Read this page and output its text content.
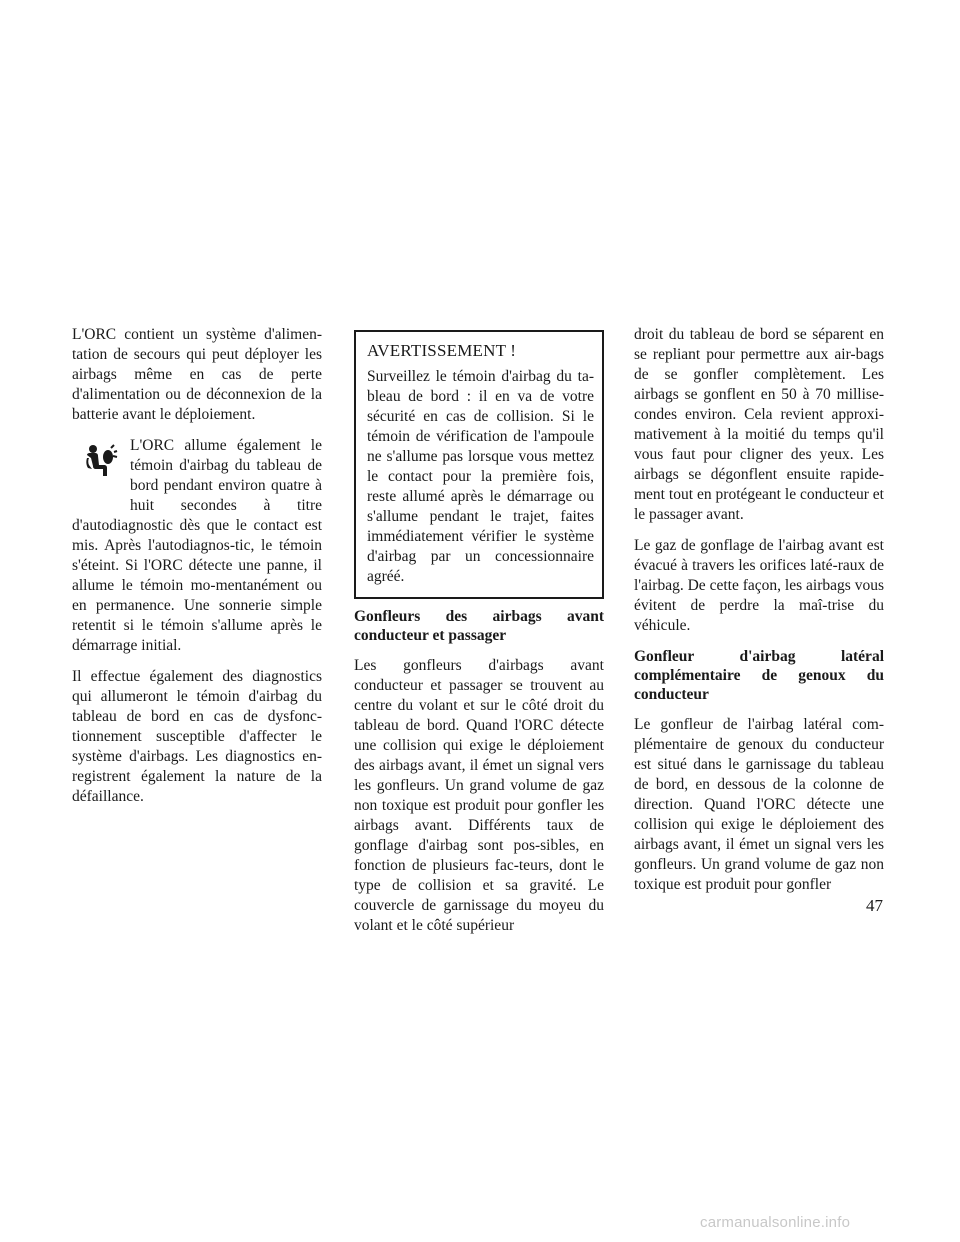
L'ORC contient un système d'alimen-tation de secours qui peut déployer les airbags même en cas de perte d'alimentation ou de déconnexion de la batterie avant le déploiement.

L'ORC allume également le témoin d'airbag du tableau de bord pendant environ quatre à huit secondes à titre d'autodiagnostic dès que le contact est mis. Après l'autodiagnos-tic, le témoin s'éteint. Si l'ORC détecte une panne, il allume le témoin mo-mentanément ou en permanence. Une sonnerie simple retentit si le témoin s'allume après le démarrage initial.

Il effectue également des diagnostics qui allumeront le témoin d'airbag du tableau de bord en cas de dysfonc-tionnement susceptible d'affecter le système d'airbags. Les diagnostics en-registrent également la nature de la défaillance.

AVERTISSEMENT !

Surveillez le témoin d'airbag du ta-bleau de bord : il en va de votre sécurité en cas de collision. Si le témoin de vérification de l'ampoule ne s'allume pas lorsque vous mettez le contact pour la première fois, reste allumé après le démarrage ou s'allume pendant le trajet, faites immédiatement vérifier le système d'airbag par un concessionnaire agréé.

Gonfleurs des airbags avant conducteur et passager

Les gonfleurs d'airbags avant conducteur et passager se trouvent au centre du volant et sur le côté droit du tableau de bord. Quand l'ORC détecte une collision qui exige le déploiement des airbags avant, il émet un signal vers les gonfleurs. Un grand volume de gaz non toxique est produit pour gonfler les airbags avant. Différents taux de gonflage d'airbag sont pos-sibles, en fonction de plusieurs fac-teurs, dont le type de collision et sa gravité. Le couvercle de garnissage du moyeu du volant et le côté supérieur

droit du tableau de bord se séparent en se repliant pour permettre aux air-bags de se gonfler complètement. Les airbags se gonflent en 50 à 70 millise-condes environ. Cela revient approxi-mativement à la moitié du temps qu'il vous faut pour cligner des yeux. Les airbags se dégonflent ensuite rapide-ment tout en protégeant le conducteur et le passager avant.

Le gaz de gonflage de l'airbag avant est évacué à travers les orifices laté-raux de l'airbag. De cette façon, les airbags vous évitent de perdre la maî-trise du véhicule.

Gonfleur d'airbag latéral complémentaire de genoux du conducteur

Le gonfleur de l'airbag latéral com-plémentaire de genoux du conducteur est situé dans le garnissage du tableau de bord, en dessous de la colonne de direction. Quand l'ORC détecte une collision qui exige le déploiement des airbags avant, il émet un signal vers les gonfleurs. Un grand volume de gaz non toxique est produit pour gonfler

47
carmanualsonline.info
